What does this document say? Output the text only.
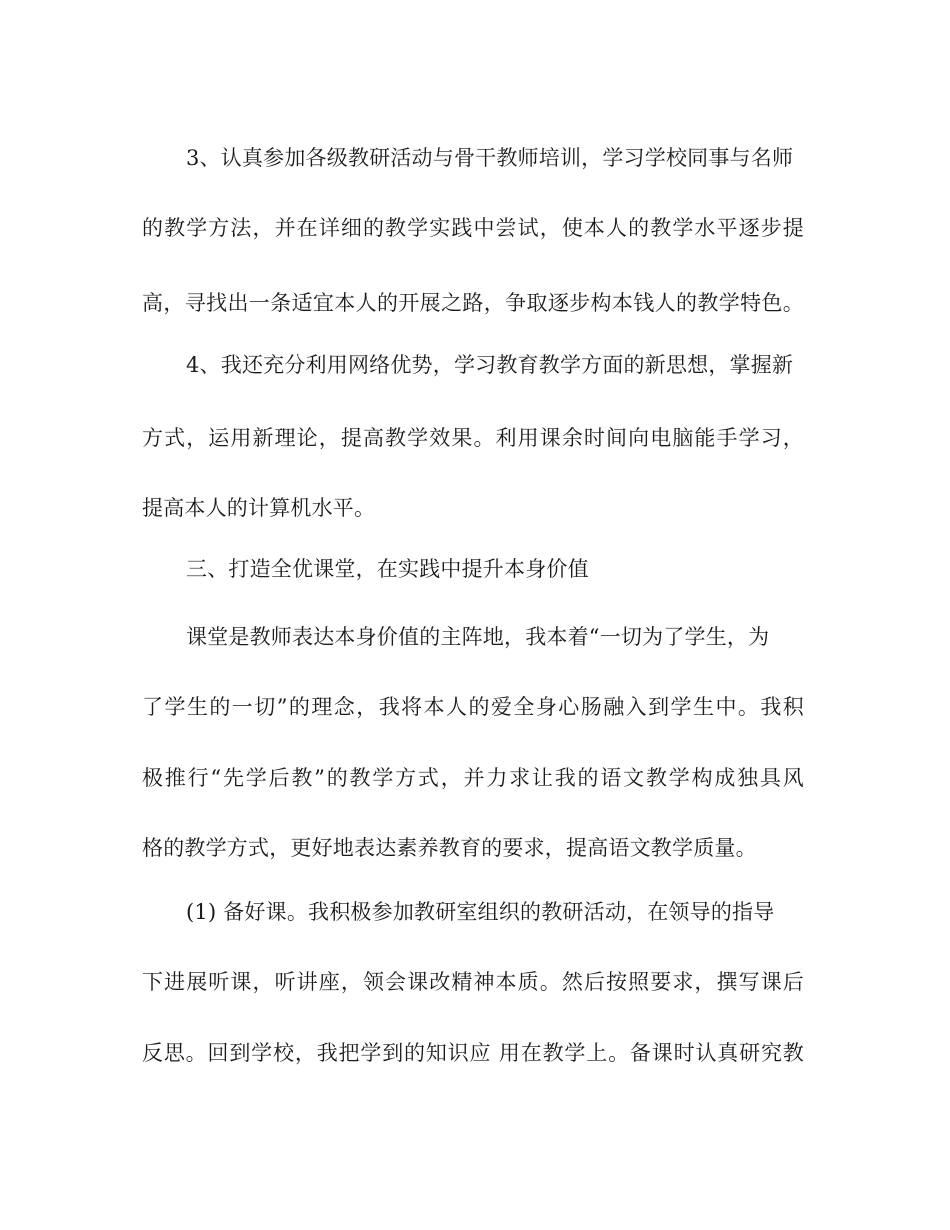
3、认真参加各级教研活动与骨干教师培训，学习学校同事与名师
的教学方法，并在详细的教学实践中尝试，使本人的教学水平逐步提
高，寻找出一条适宜本人的开展之路，争取逐步构本钱人的教学特色。
4、我还充分利用网络优势，学习教育教学方面的新思想，掌握新
方式，运用新理论，提高教学效果。利用课余时间向电脑能手学习，
提高本人的计算机水平。
三、打造全优课堂，在实践中提升本身价值
课堂是教师表达本身价值的主阵地，我本着“一切为了学生，为
了学生的一切”的理念，我将本人的爱全身心肠融入到学生中。我积
极推行“先学后教”的教学方式，并力求让我的语文教学构成独具风
格的教学方式，更好地表达素养教育的要求，提高语文教学质量。
(1) 备好课。我积极参加教研室组织的教研活动，在领导的指导
下进展听课，听讲座，领会课改精神本质。然后按照要求，撰写课后
反思。回到学校，我把学到的知识应 用在教学上。备课时认真研究教
